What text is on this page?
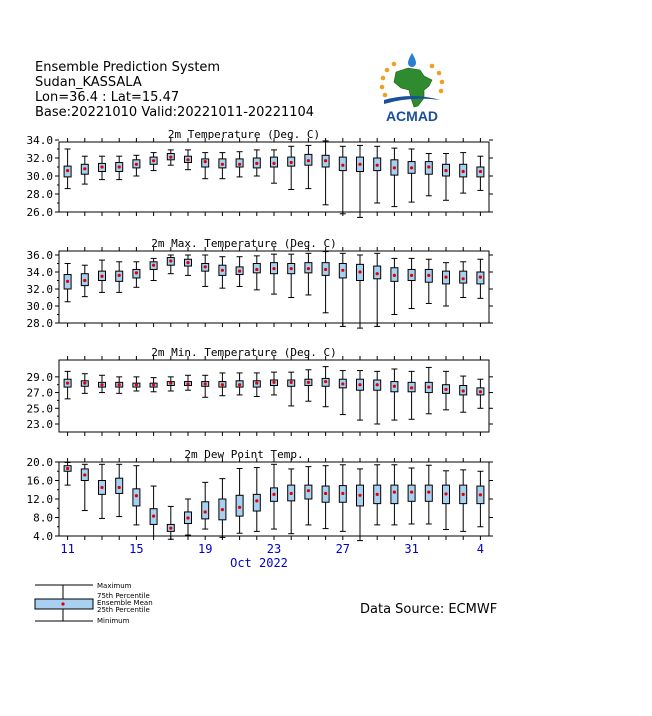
Ensemble Prediction System
Sudan_KASSALA
Lon=36.4 : Lat=15.47
Base:20221010 Valid:20221011-20221104	ACMAD
34.0
32.0
30.0
28.0
26.0
2m Temperature (Deg. C)
36.0
34.0
32.0
30.0
28.0
2m Max. Temperature (Deg. C)
29.0
27.0
25.0
23.0
2m Min. Temperature (Deg. C)
20.0
16.0
12.0
8.0
4.0
2m Dew Point Temp.
11	15	19	23	27	31	4
Oct 2022
Maximum
75th Percentile
Ensemble Mean
25th Percentile
Minimum
Data Source: ECMWF
